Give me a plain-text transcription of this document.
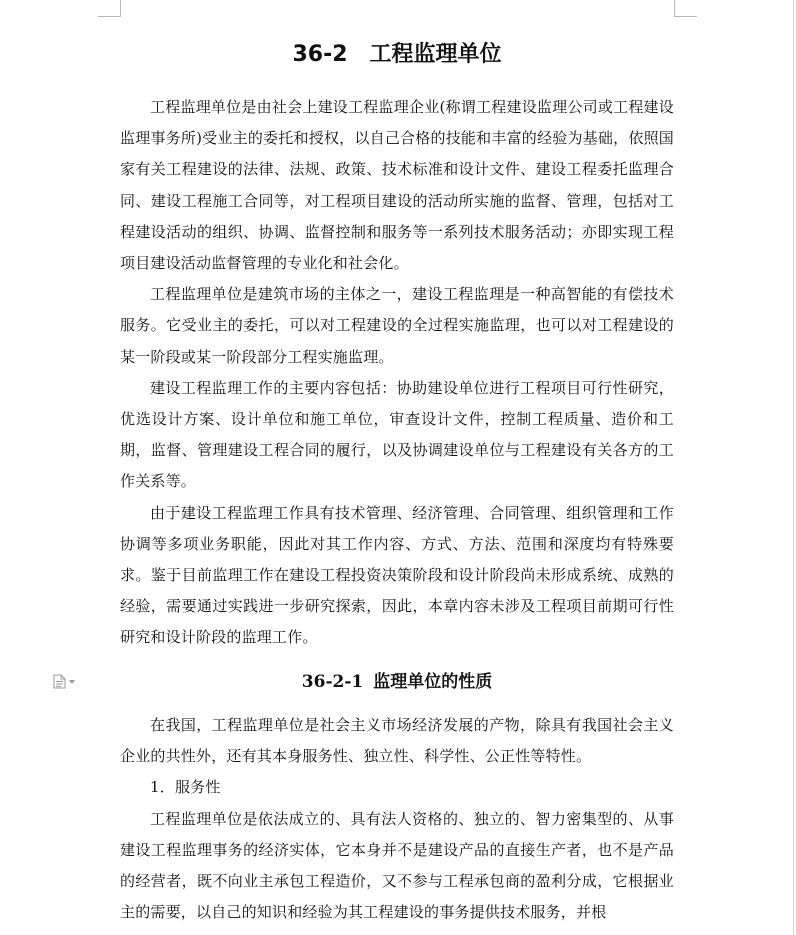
36-2 工程监理单位

工程监理单位是由社会上建设工程监理企业(称谓工程建设监理公司或工程建设监理事务所)受业主的委托和授权，以自己合格的技能和丰富的经验为基础，依照国家有关工程建设的法律、法规、政策、技术标准和设计文件、建设工程委托监理合同、建设工程施工合同等，对工程项目建设的活动所实施的监督、管理，包括对工程建设活动的组织、协调、监督控制和服务等一系列技术服务活动；亦即实现工程项目建设活动监督管理的专业化和社会化。

工程监理单位是建筑市场的主体之一，建设工程监理是一种高智能的有偿技术服务。它受业主的委托，可以对工程建设的全过程实施监理，也可以对工程建设的某一阶段或某一阶段部分工程实施监理。

建设工程监理工作的主要内容包括：协助建设单位进行工程项目可行性研究，优选设计方案、设计单位和施工单位，审查设计文件，控制工程质量、造价和工期，监督、管理建设工程合同的履行，以及协调建设单位与工程建设有关各方的工作关系等。

由于建设工程监理工作具有技术管理、经济管理、合同管理、组织管理和工作协调等多项业务职能，因此对其工作内容、方式、方法、范围和深度均有特殊要求。鉴于目前监理工作在建设工程投资决策阶段和设计阶段尚未形成系统、成熟的经验，需要通过实践进一步研究探索，因此，本章内容未涉及工程项目前期可行性研究和设计阶段的监理工作。

36-2-1 监理单位的性质

在我国，工程监理单位是社会主义市场经济发展的产物，除具有我国社会主义企业的共性外，还有其本身服务性、独立性、科学性、公正性等特性。

1．服务性

工程监理单位是依法成立的、具有法人资格的、独立的、智力密集型的、从事建设工程监理事务的经济实体，它本身并不是建设产品的直接生产者，也不是产品的经营者，既不向业主承包工程造价，又不参与工程承包商的盈利分成，它根据业主的需要，以自己的知识和经验为其工程建设的事务提供技术服务，并根
